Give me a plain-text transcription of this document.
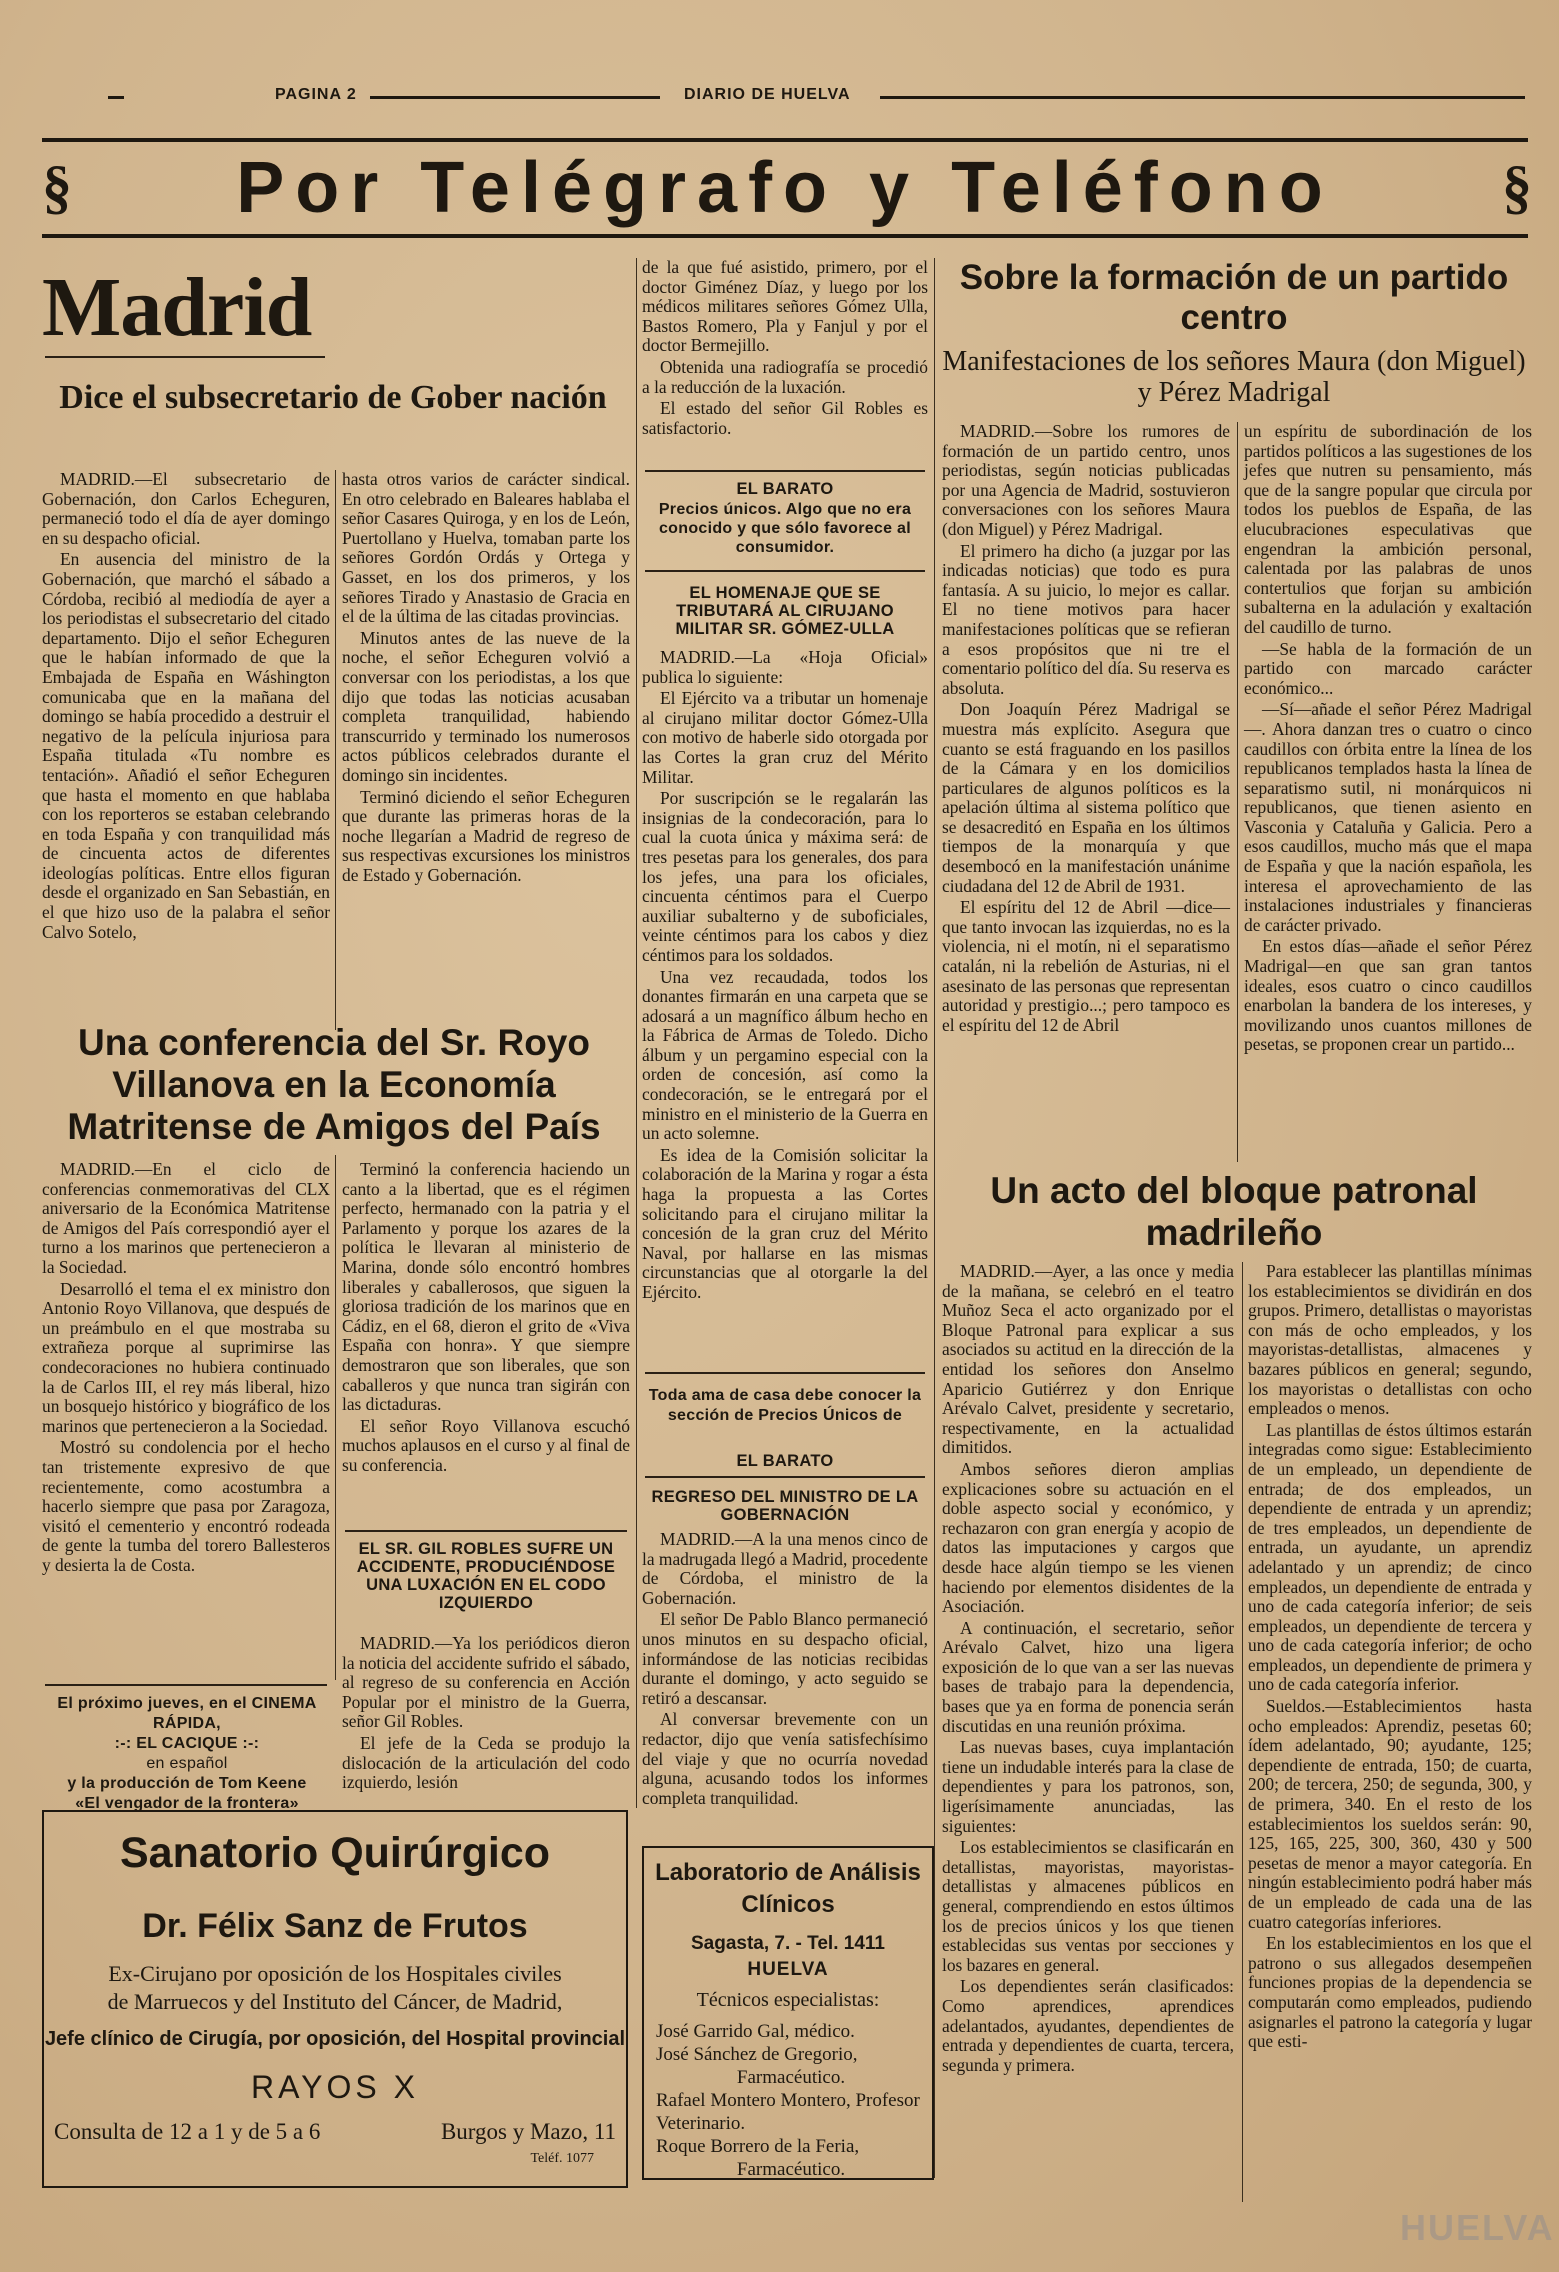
PAGINA 2	DIARIO DE HUELVA
§	Por Telégrafo y Teléfono	§
Madrid
Dice el subsecretario de Gober nación

MADRID.—El subsecretario de Gobernación, don Carlos Echeguren, permaneció todo el día de ayer domingo en su despacho oficial.

En ausencia del ministro de la Gobernación, que marchó el sábado a Córdoba, recibió al mediodía de ayer a los periodistas el subsecretario del citado departamento. Dijo el señor Echeguren que le habían informado de que la Embajada de España en Wáshington comunicaba que en la mañana del domingo se había procedido a destruir el negativo de la película injuriosa para España titulada «Tu nombre es tentación». Añadió el señor Echeguren que hasta el momento en que hablaba con los reporteros se estaban celebrando en toda España y con tranquilidad más de cincuenta actos de diferentes ideologías políticas. Entre ellos figuran desde el organizado en San Sebastián, en el que hizo uso de la palabra el señor Calvo Sotelo,

hasta otros varios de carácter sindical. En otro celebrado en Baleares hablaba el señor Casares Quiroga, y en los de León, Puertollano y Huelva, tomaban parte los señores Gordón Ordás y Ortega y Gasset, en los dos primeros, y los señores Tirado y Anastasio de Gracia en el de la última de las citadas provincias.

Minutos antes de las nueve de la noche, el señor Echeguren volvió a conversar con los periodistas, a los que dijo que todas las noticias acusaban completa tranquilidad, habiendo transcurrido y terminado los numerosos actos públicos celebrados durante el domingo sin incidentes.

Terminó diciendo el señor Echeguren que durante las primeras horas de la noche llegarían a Madrid de regreso de sus respectivas excursiones los ministros de Estado y Gobernación.

Una conferencia del Sr. Royo Villanova en la Economía Matritense de Amigos del País

MADRID.—En el ciclo de conferencias conmemorativas del CLX aniversario de la Económica Matritense de Amigos del País correspondió ayer el turno a los marinos que pertenecieron a la Sociedad.

Desarrolló el tema el ex ministro don Antonio Royo Villanova, que después de un preámbulo en el que mostraba su extrañeza porque al suprimirse las condecoraciones no hubiera continuado la de Carlos III, el rey más liberal, hizo un bosquejo histórico y biográfico de los marinos que pertenecieron a la Sociedad.

Mostró su condolencia por el hecho tan tristemente expresivo de que recientemente, como acostumbra a hacerlo siempre que pasa por Zaragoza, visitó el cementerio y encontró rodeada de gente la tumba del torero Ballesteros y desierta la de Costa.

Terminó la conferencia haciendo un canto a la libertad, que es el régimen perfecto, hermanado con la patria y el Parlamento y porque los azares de la política le llevaran al ministerio de Marina, donde sólo encontró hombres liberales y caballerosos, que siguen la gloriosa tradición de los marinos que en Cádiz, en el 68, dieron el grito de «Viva España con honra». Y que siempre demostraron que son liberales, que son caballeros y que nunca tran sigirán con las dictaduras.

El señor Royo Villanova escuchó muchos aplausos en el curso y al final de su conferencia.

El próximo jueves, en el CINEMA RÁPIDA,
:-: EL CACIQUE :-:
en español
y la producción de Tom Keene
«El vengador de la frontera»
EL SR. GIL ROBLES SUFRE UN ACCIDENTE, PRODUCIÉNDOSE UNA LUXACIÓN EN EL CODO IZQUIERDO

MADRID.—Ya los periódicos dieron la noticia del accidente sufrido el sábado, al regreso de su conferencia en Acción Popular por el ministro de la Guerra, señor Gil Robles.

El jefe de la Ceda se produjo la dislocación de la articulación del codo izquierdo, lesión

de la que fué asistido, primero, por el doctor Giménez Díaz, y luego por los médicos militares señores Gómez Ulla, Bastos Romero, Pla y Fanjul y por el doctor Bermejillo.

Obtenida una radiografía se procedió a la reducción de la luxación.

El estado del señor Gil Robles es satisfactorio.

EL BARATO
Precios únicos. Algo que no era conocido y que sólo favorece al consumidor.
EL HOMENAJE QUE SE TRIBUTARÁ AL CIRUJANO MILITAR SR. GÓMEZ-ULLA

MADRID.—La «Hoja Oficial» publica lo siguiente:

El Ejército va a tributar un homenaje al cirujano militar doctor Gómez-Ulla con motivo de haberle sido otorgada por las Cortes la gran cruz del Mérito Militar.

Por suscripción se le regalarán las insignias de la condecoración, para lo cual la cuota única y máxima será: de tres pesetas para los generales, dos para los jefes, una para los oficiales, cincuenta céntimos para el Cuerpo auxiliar subalterno y de suboficiales, veinte céntimos para los cabos y diez céntimos para los soldados.

Una vez recaudada, todos los donantes firmarán en una carpeta que se adosará a un magnífico álbum hecho en la Fábrica de Armas de Toledo. Dicho álbum y un pergamino especial con la orden de concesión, así como la condecoración, se le entregará por el ministro en el ministerio de la Guerra en un acto solemne.

Es idea de la Comisión solicitar la colaboración de la Marina y rogar a ésta haga la propuesta a las Cortes solicitando para el cirujano militar la concesión de la gran cruz del Mérito Naval, por hallarse en las mismas circunstancias que al otorgarle la del Ejército.

Toda ama de casa debe conocer la sección de Precios Únicos de
EL BARATO
REGRESO DEL MINISTRO DE LA GOBERNACIÓN

MADRID.—A la una menos cinco de la madrugada llegó a Madrid, procedente de Córdoba, el ministro de la Gobernación.

El señor De Pablo Blanco permaneció unos minutos en su despacho oficial, informándose de las noticias recibidas durante el domingo, y acto seguido se retiró a descansar.

Al conversar brevemente con un redactor, dijo que venía satisfechísimo del viaje y que no ocurría novedad alguna, acusando todos los informes completa tranquilidad.

Sobre la formación de un partido centro
Manifestaciones de los señores Maura (don Miguel) y Pérez Madrigal

MADRID.—Sobre los rumores de formación de un partido centro, unos periodistas, según noticias publicadas por una Agencia de Madrid, sostuvieron conversaciones con los señores Maura (don Miguel) y Pérez Madrigal.

El primero ha dicho (a juzgar por las indicadas noticias) que todo es pura fantasía. A su juicio, lo mejor es callar. El no tiene motivos para hacer manifestaciones políticas que se refieran a esos propósitos que ni tre el comentario político del día. Su reserva es absoluta.

Don Joaquín Pérez Madrigal se muestra más explícito. Asegura que cuanto se está fraguando en los pasillos de la Cámara y en los domicilios particulares de algunos políticos es la apelación última al sistema político que se desacreditó en España en los últimos tiempos de la monarquía y que desembocó en la manifestación unánime ciudadana del 12 de Abril de 1931.

El espíritu del 12 de Abril —dice— que tanto invocan las izquierdas, no es la violencia, ni el motín, ni el separatismo catalán, ni la rebelión de Asturias, ni el asesinato de las personas que representan autoridad y prestigio...; pero tampoco es el espíritu del 12 de Abril

un espíritu de subordinación de los partidos políticos a las sugestiones de los jefes que nutren su pensamiento, más que de la sangre popular que circula por todos los pueblos de España, de las elucubraciones especulativas que engendran la ambición personal, calentada por las palabras de unos contertulios que forjan su ambición subalterna en la adulación y exaltación del caudillo de turno.

—Se habla de la formación de un partido con marcado carácter económico...

—Sí—añade el señor Pérez Madrigal—. Ahora danzan tres o cuatro o cinco caudillos con órbita entre la línea de los republicanos templados hasta la línea de separatismo sutil, ni monárquicos ni republicanos, que tienen asiento en Vasconia y Cataluña y Galicia. Pero a esos caudillos, mucho más que el mapa de España y que la nación española, les interesa el aprovechamiento de las instalaciones industriales y financieras de carácter privado.

En estos días—añade el señor Pérez Madrigal—en que san gran tantos ideales, esos cuatro o cinco caudillos enarbolan la bandera de los intereses, y movilizando unos cuantos millones de pesetas, se proponen crear un partido...

Un acto del bloque patronal madrileño

MADRID.—Ayer, a las once y media de la mañana, se celebró en el teatro Muñoz Seca el acto organizado por el Bloque Patronal para explicar a sus asociados su actitud en la dirección de la entidad los señores don Anselmo Aparicio Gutiérrez y don Enrique Arévalo Calvet, presidente y secretario, respectivamente, en la actualidad dimitidos.

Ambos señores dieron amplias explicaciones sobre su actuación en el doble aspecto social y económico, y rechazaron con gran energía y acopio de datos las imputaciones y cargos que desde hace algún tiempo se les vienen haciendo por elementos disidentes de la Asociación.

A continuación, el secretario, señor Arévalo Calvet, hizo una ligera exposición de lo que van a ser las nuevas bases de trabajo para la dependencia, bases que ya en forma de ponencia serán discutidas en una reunión próxima.

Las nuevas bases, cuya implantación tiene un indudable interés para la clase de dependientes y para los patronos, son, ligerísimamente anunciadas, las siguientes:

Los establecimientos se clasificarán en detallistas, mayoristas, mayoristas-detallistas y almacenes públicos en general, comprendiendo en estos últimos los de precios únicos y los que tienen establecidas sus ventas por secciones y los bazares en general.

Los dependientes serán clasificados: Como aprendices, aprendices adelantados, ayudantes, dependientes de entrada y dependientes de cuarta, tercera, segunda y primera.

Para establecer las plantillas mínimas los establecimientos se dividirán en dos grupos. Primero, detallistas o mayoristas con más de ocho empleados, y los mayoristas-detallistas, almacenes y bazares públicos en general; segundo, los mayoristas o detallistas con ocho empleados o menos.

Las plantillas de éstos últimos estarán integradas como sigue: Establecimiento de un empleado, un dependiente de entrada; de dos empleados, un dependiente de entrada y un aprendiz; de tres empleados, un dependiente de entrada, un ayudante, un aprendiz adelantado y un aprendiz; de cinco empleados, un dependiente de entrada y uno de cada categoría inferior; de seis empleados, un dependiente de tercera y uno de cada categoría inferior; de ocho empleados, un dependiente de primera y uno de cada categoría inferior.

Sueldos.—Establecimientos hasta ocho empleados: Aprendiz, pesetas 60; ídem adelantado, 90; ayudante, 125; dependiente de entrada, 150; de cuarta, 200; de tercera, 250; de segunda, 300, y de primera, 340. En el resto de los establecimientos los sueldos serán: 90, 125, 165, 225, 300, 360, 430 y 500 pesetas de menor a mayor categoría. En ningún establecimiento podrá haber más de un empleado de cada una de las cuatro categorías inferiores.

En los establecimientos en los que el patrono o sus allegados desempeñen funciones propias de la dependencia se computarán como empleados, pudiendo asignarles el patrono la categoría y lugar que esti-

Sanatorio Quirúrgico
Dr. Félix Sanz de Frutos
Ex-Cirujano por oposición de los Hospitales civiles
de Marruecos y del Instituto del Cáncer, de Madrid,
Jefe clínico de Cirugía, por oposición, del Hospital provincial
RAYOS X
Consulta de 12 a 1 y de 5 a 6	Burgos y Mazo, 11
Teléf. 1077
Laboratorio de Análisis
Clínicos
Sagasta, 7. - Tel. 1411
HUELVA
Técnicos especialistas:
José Garrido Gal, médico.
José Sánchez de Gregorio,
Farmacéutico.
Rafael Montero Montero, Profesor Veterinario.
Roque Borrero de la Feria,
Farmacéutico.
HUELVA
